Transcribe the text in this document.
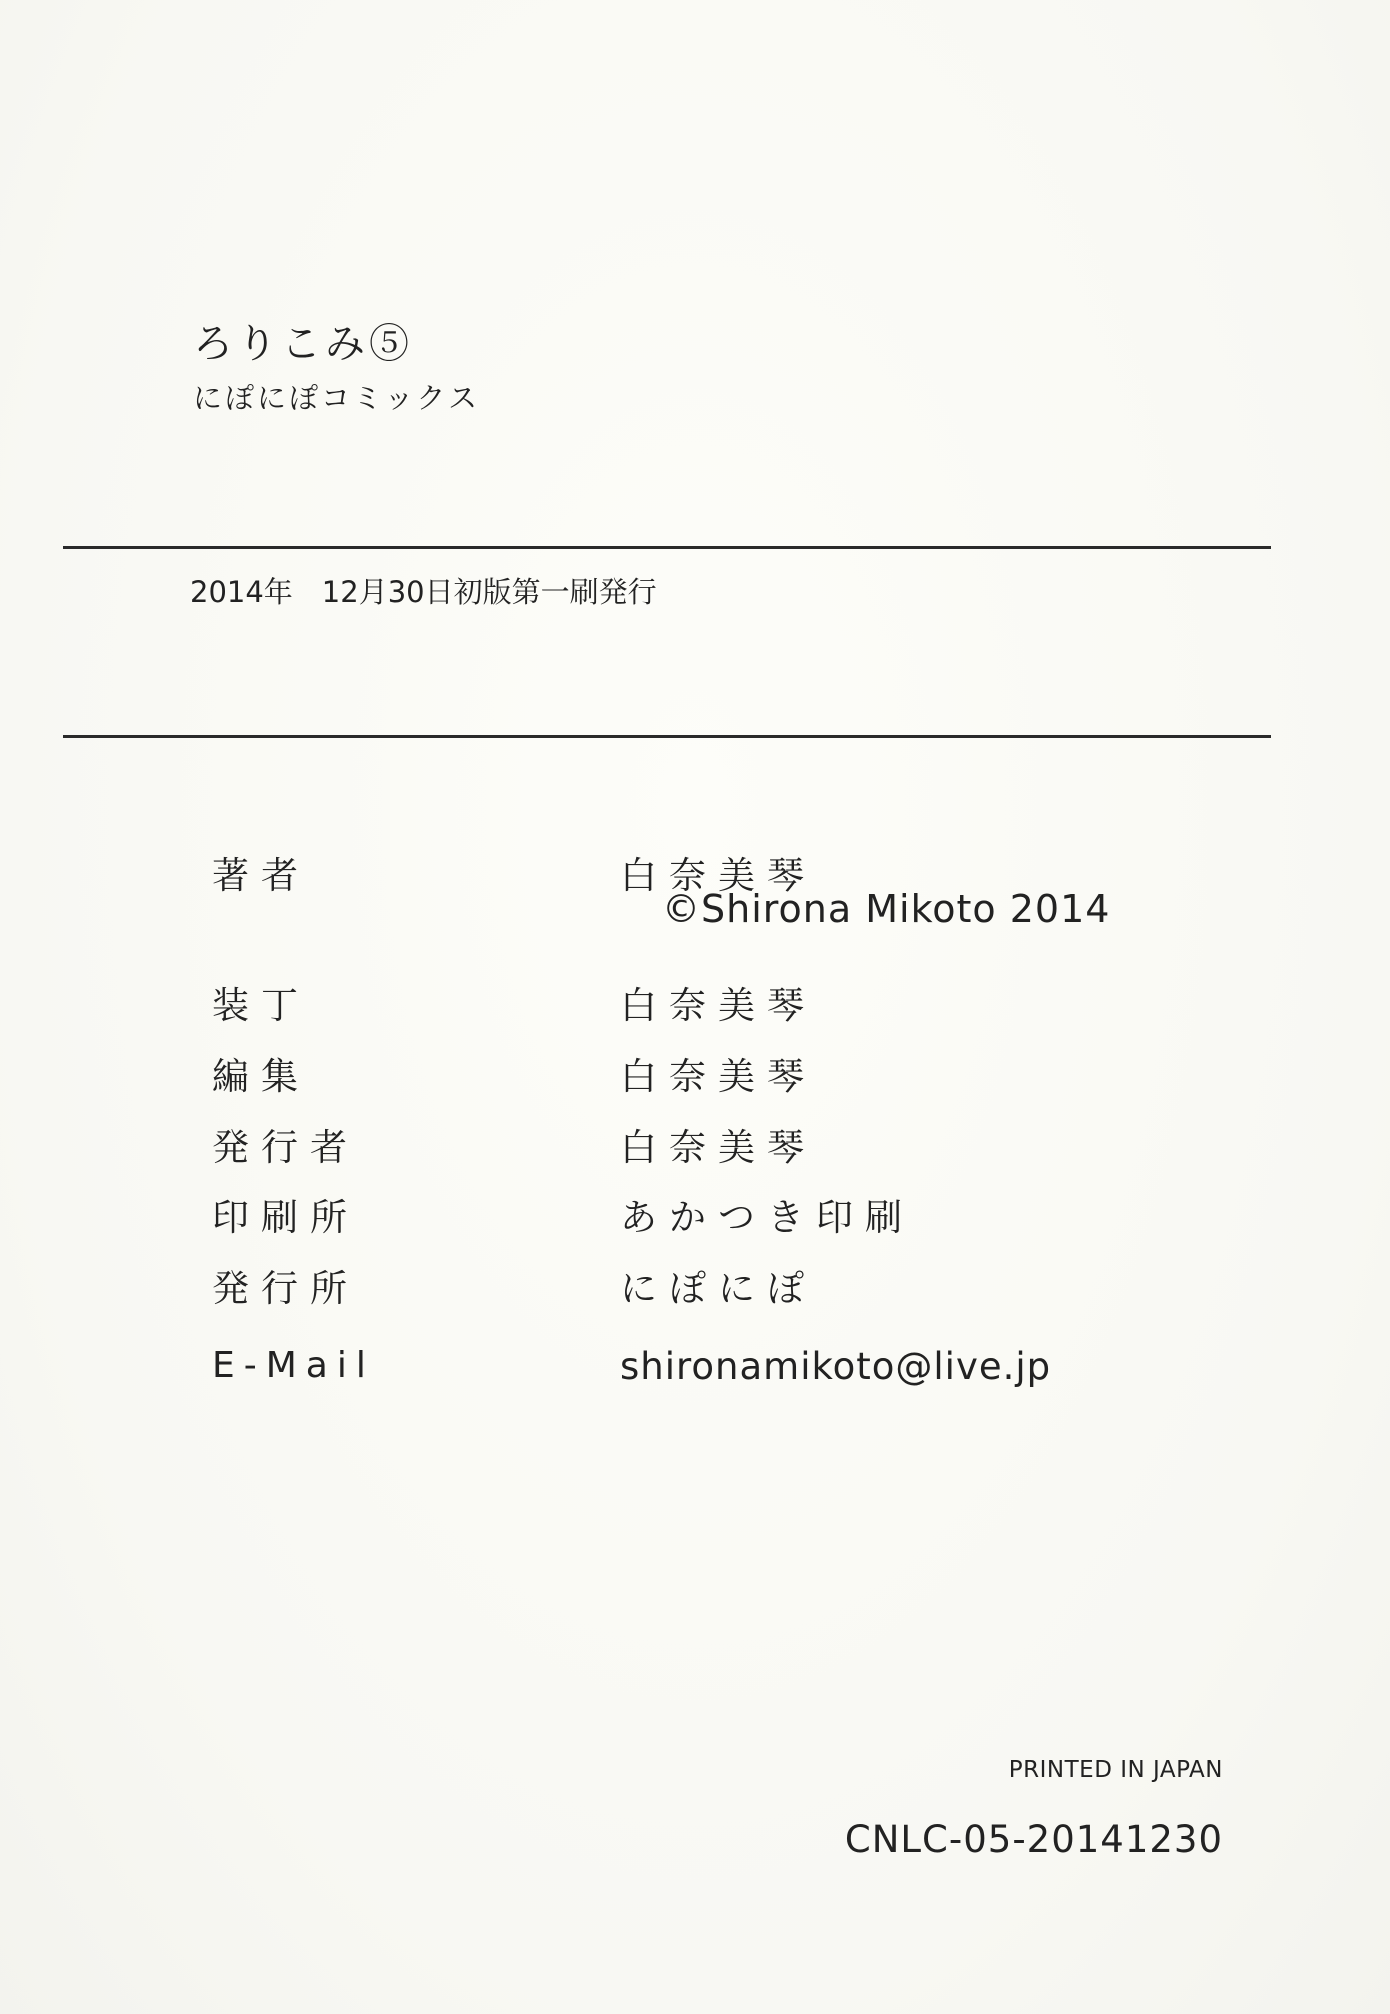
ろりこみ⑤
にぽにぽコミックス
2014年　12月30日初版第一刷発行
著者	白奈美琴
©Shirona Mikoto 2014
装丁	白奈美琴
編集	白奈美琴
発行者	白奈美琴
印刷所	あかつき印刷
発行所	にぽにぽ
E-Mail	shironamikoto@live.jp
PRINTED IN JAPAN
CNLC-05-20141230
